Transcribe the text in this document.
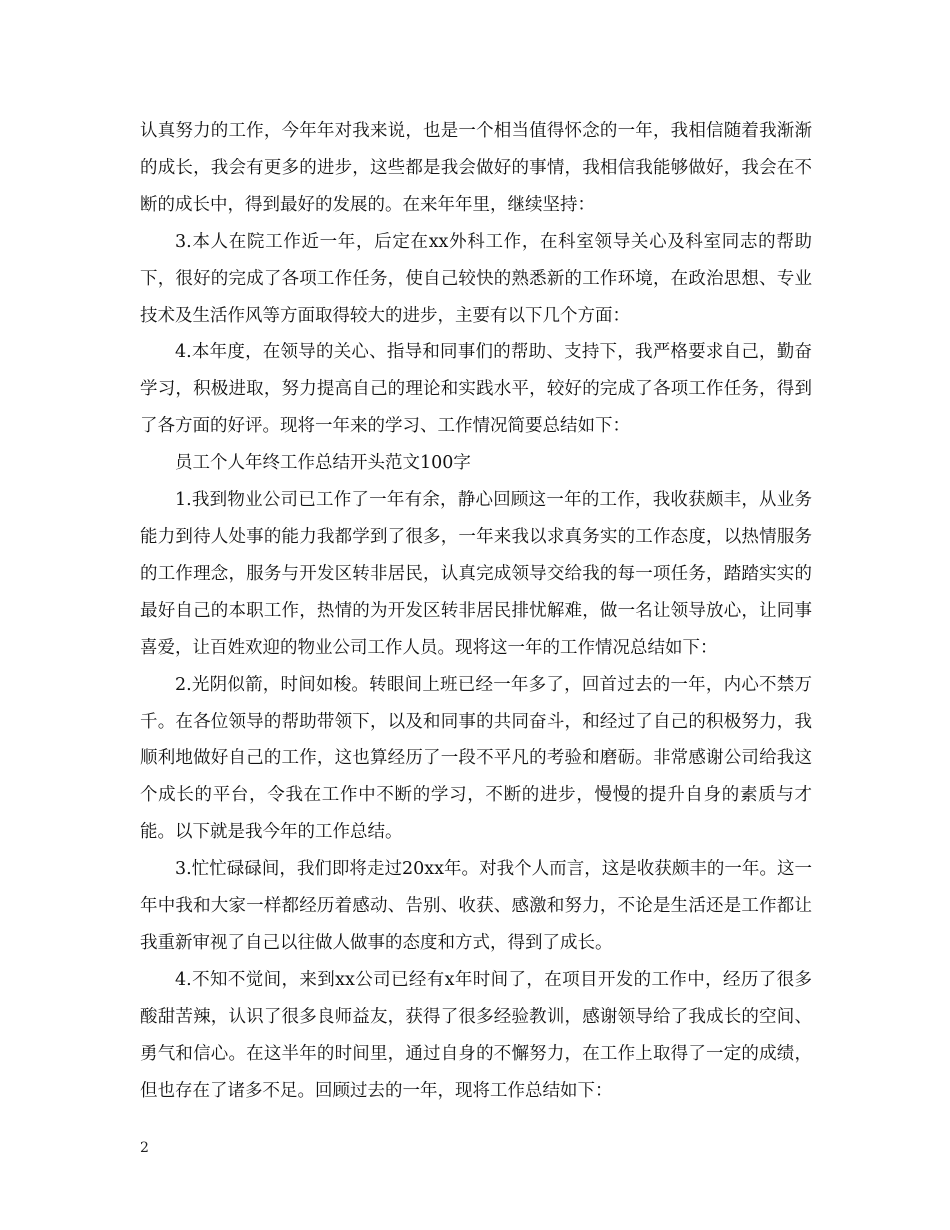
认真努力的工作，今年年对我来说，也是一个相当值得怀念的一年，我相信随着我渐渐的成长，我会有更多的进步，这些都是我会做好的事情，我相信我能够做好，我会在不断的成长中，得到最好的发展的。在来年年里，继续坚持：

3.本人在院工作近一年，后定在xx外科工作，在科室领导关心及科室同志的帮助下，很好的完成了各项工作任务，使自己较快的熟悉新的工作环境，在政治思想、专业技术及生活作风等方面取得较大的进步，主要有以下几个方面：

4.本年度，在领导的关心、指导和同事们的帮助、支持下，我严格要求自己，勤奋学习，积极进取，努力提高自己的理论和实践水平，较好的完成了各项工作任务，得到了各方面的好评。现将一年来的学习、工作情况简要总结如下：

员工个人年终工作总结开头范文100字

1.我到物业公司已工作了一年有余，静心回顾这一年的工作，我收获颇丰，从业务能力到待人处事的能力我都学到了很多，一年来我以求真务实的工作态度，以热情服务的工作理念，服务与开发区转非居民，认真完成领导交给我的每一项任务，踏踏实实的最好自己的本职工作，热情的为开发区转非居民排忧解难，做一名让领导放心，让同事喜爱，让百姓欢迎的物业公司工作人员。现将这一年的工作情况总结如下：

2.光阴似箭，时间如梭。转眼间上班已经一年多了，回首过去的一年，内心不禁万千。在各位领导的帮助带领下，以及和同事的共同奋斗，和经过了自己的积极努力，我顺利地做好自己的工作，这也算经历了一段不平凡的考验和磨砺。非常感谢公司给我这个成长的平台，令我在工作中不断的学习，不断的进步，慢慢的提升自身的素质与才能。以下就是我今年的工作总结。

3.忙忙碌碌间，我们即将走过20xx年。对我个人而言，这是收获颇丰的一年。这一年中我和大家一样都经历着感动、告别、收获、感激和努力，不论是生活还是工作都让我重新审视了自己以往做人做事的态度和方式，得到了成长。

4.不知不觉间，来到xx公司已经有x年时间了，在项目开发的工作中，经历了很多酸甜苦辣，认识了很多良师益友，获得了很多经验教训，感谢领导给了我成长的空间、勇气和信心。在这半年的时间里，通过自身的不懈努力，在工作上取得了一定的成绩，但也存在了诸多不足。回顾过去的一年，现将工作总结如下：

2
